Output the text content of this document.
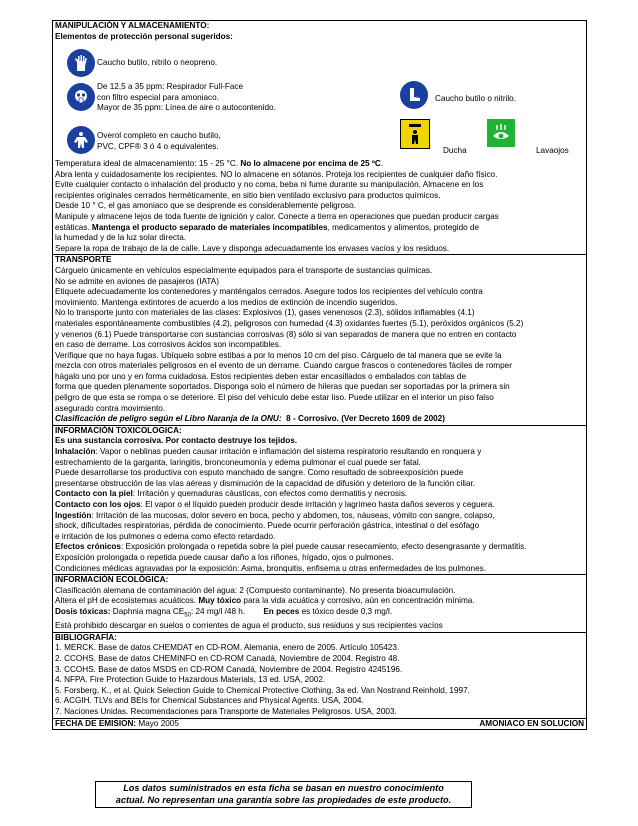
MANIPULACIÓN Y ALMACENAMIENTO:
Elementos de protección personal sugeridos:
Caucho butilo, nitrilo o neopreno.
De 12,5 a 35 ppm: Respirador Full-Face
con filtro especial para amoniaco.
Mayor de 35 ppm: Línea de aire o autocontenido.
Caucho butilo o nitrilo.
Overol completo en caucho butilo,
PVC, CPF® 3 ó 4 o equivalentes.	Ducha	Lavaojos

Temperatura ideal de almacenamiento: 15 - 25 °C. No lo almacene por encima de 25 ºC.

Abra lenta y cuidadosamente los recipientes. NO lo almacene en sótanos. Proteja los recipientes de cualquier daño físico.

Evite cualquier contacto o inhalación del producto y no coma, beba ni fume durante su manipulación. Almacene en los

recipientes originales cerrados herméticamente, en sitio bien ventilado exclusivo para productos químicos.

Desde 10 ° C, el gas amoniaco que se desprende es considerablemente peligroso.

Manipule y almacene lejos de toda fuente de ignición y calor. Conecte a tierra en operaciones que puedan producir cargas

estáticas. Mantenga el producto separado de materiales incompatibles, medicamentos y alimentos, protegido de

la humedad y de la luz solar directa.

Separe la ropa de trabajo de la de calle. Lave y disponga adecuadamente los envases vacíos y los residuos.

TRANSPORTE

Cárguelo únicamente en vehículos especialmente equipados para el transporte de sustancias químicas.

No se admite en aviones de pasajeros (IATA)

Etiquete adecuadamente los contenedores y manténgalos cerrados. Asegure todos los recipientes del vehículo contra

movimiento. Mantenga extintores de acuerdo a los medios de extinción de incendio sugeridos.

No lo transporte junto con materiales de las clases: Explosivos (1), gases venenosos (2.3), sólidos inflamables (4.1)

materiales espontáneamente combustibles (4.2), peligrosos con humedad (4.3) oxidantes fuertes (5.1), peróxidos orgánicos (5.2)

y venenos (6.1) Puede transportarse con sustancias corrosivas (8) sólo si van separados de manera que no entren en contacto

en caso de derrame. Los corrosivos ácidos son incompatibles.

Verifique que no haya fugas. Ubíquelo sobre estibas a por lo menos 10 cm del piso. Cárguelo de tal manera que se evite la

mezcla con otros materiales peligrosos en el evento de un derrame. Cuando cargue frascos o contenedores fáciles de romper

hágalo uno por uno y en forma cuidadosa. Estos recipientes deben estar encasillados o embalados con tablas de

forma que queden plenamente soportados. Disponga solo el número de hileras que puedan ser soportadas por la primera sin

peligro de que esta se rompa o se deteriore. El piso del vehículo debe estar liso. Puede utilizar en el interior un piso falso

asegurado contra movimiento.

Clasificación de peligro según el Libro Naranja de la ONU: 8 - Corrosivo. (Ver Decreto 1609 de 2002)

INFORMACIÓN TOXICOLOGICA:

Es una sustancia corrosiva. Por contacto destruye los tejidos.

Inhalación: Vapor o neblinas pueden causar irritación e inflamación del sistema respiratorio resultando en ronquera y

estrechamiento de la garganta, laringitis, bronconeumonía y edema pulmonar el cual puede ser fatal.

Puede desarrollarse tos productiva con esputo manchado de sangre. Como resultado de sobreexposición puede

presentarse obstrucción de las vías aéreas y disminución de la capacidad de difusión y deterioro de la función ciliar.

Contacto con la piel: Irritación y quemaduras cáusticas, con efectos como dermatitis y necrosis.

Contacto con los ojos: El vapor o el líquido pueden producir desde irritación y lagrimeo hasta daños severos y ceguera.

Ingestión: Irritación de las mucosas, dolor severo en boca, pecho y abdomen, tos, náuseas, vómito con sangre, colapso,

shock, dificultades respiratorias, pérdida de conocimiento. Puede ocurrir perforación gástrica, intestinal o del esófago

e irritación de los pulmones o edema como efecto retardado.

Efectos crónicos: Exposición prolongada o repetida sobre la piel puede causar resecamiento, efecto desengrasante y dermatitis.

Exposición prolongada o repetida puede causar daño a los riñones, hígado, ojos o pulmones.

Condiciones médicas agravadas por la exposición: Asma, bronquitis, enfisema u otras enfermedades de los pulmones.

INFORMACIÓN ECOLÓGICA:

Clasificación alemana de contaminación del agua: 2 (Compuesto contaminante). No presenta bioacumulación.

Altera el pH de ecosistemas acuáticos. Muy tóxico para la vida acuática y corrosivo, aún en concentración mínima.

Dosis tóxicas: Daphnia magna $CE_{50}$: 24 mg/l /48 h. En peces es tóxico desde 0,3 mg/l.

Está prohibido descargar en suelos o corrientes de agua el producto, sus residuos y sus recipientes vacíos

BIBLIOGRAFÍA:

1. MERCK. Base de datos CHEMDAT en CD-ROM. Alemania, enero de 2005. Artículo 105423.

2. CCOHS. Base de datos CHEMINFO en CD-ROM Canadá, Noviembre de 2004. Registro 48.

3. CCOHS. Base de datos MSDS en CD-ROM Canadá, Noviembre de 2004. Registro 4245196.

4. NFPA. Fire Protection Guide to Hazardous Materials, 13 ed. USA, 2002.

5. Forsberg, K., et al. Quick Selection Guide to Chemical Protective Clothing. 3a ed. Van Nostrand Reinhold, 1997.

6. ACGIH. TLVs and BEIs for Chemical Substances and Physical Agents. USA, 2004.

7. Naciones Unidas. Recomendaciones para Transporte de Materiales Peligrosos. USA, 2003.

FECHA DE EMISION: Mayo 2005	AMONIACO EN SOLUCION
Los datos suministrados en esta ficha se basan en nuestro conocimiento
actual. No representan una garantía sobre las propiedades de este producto.
